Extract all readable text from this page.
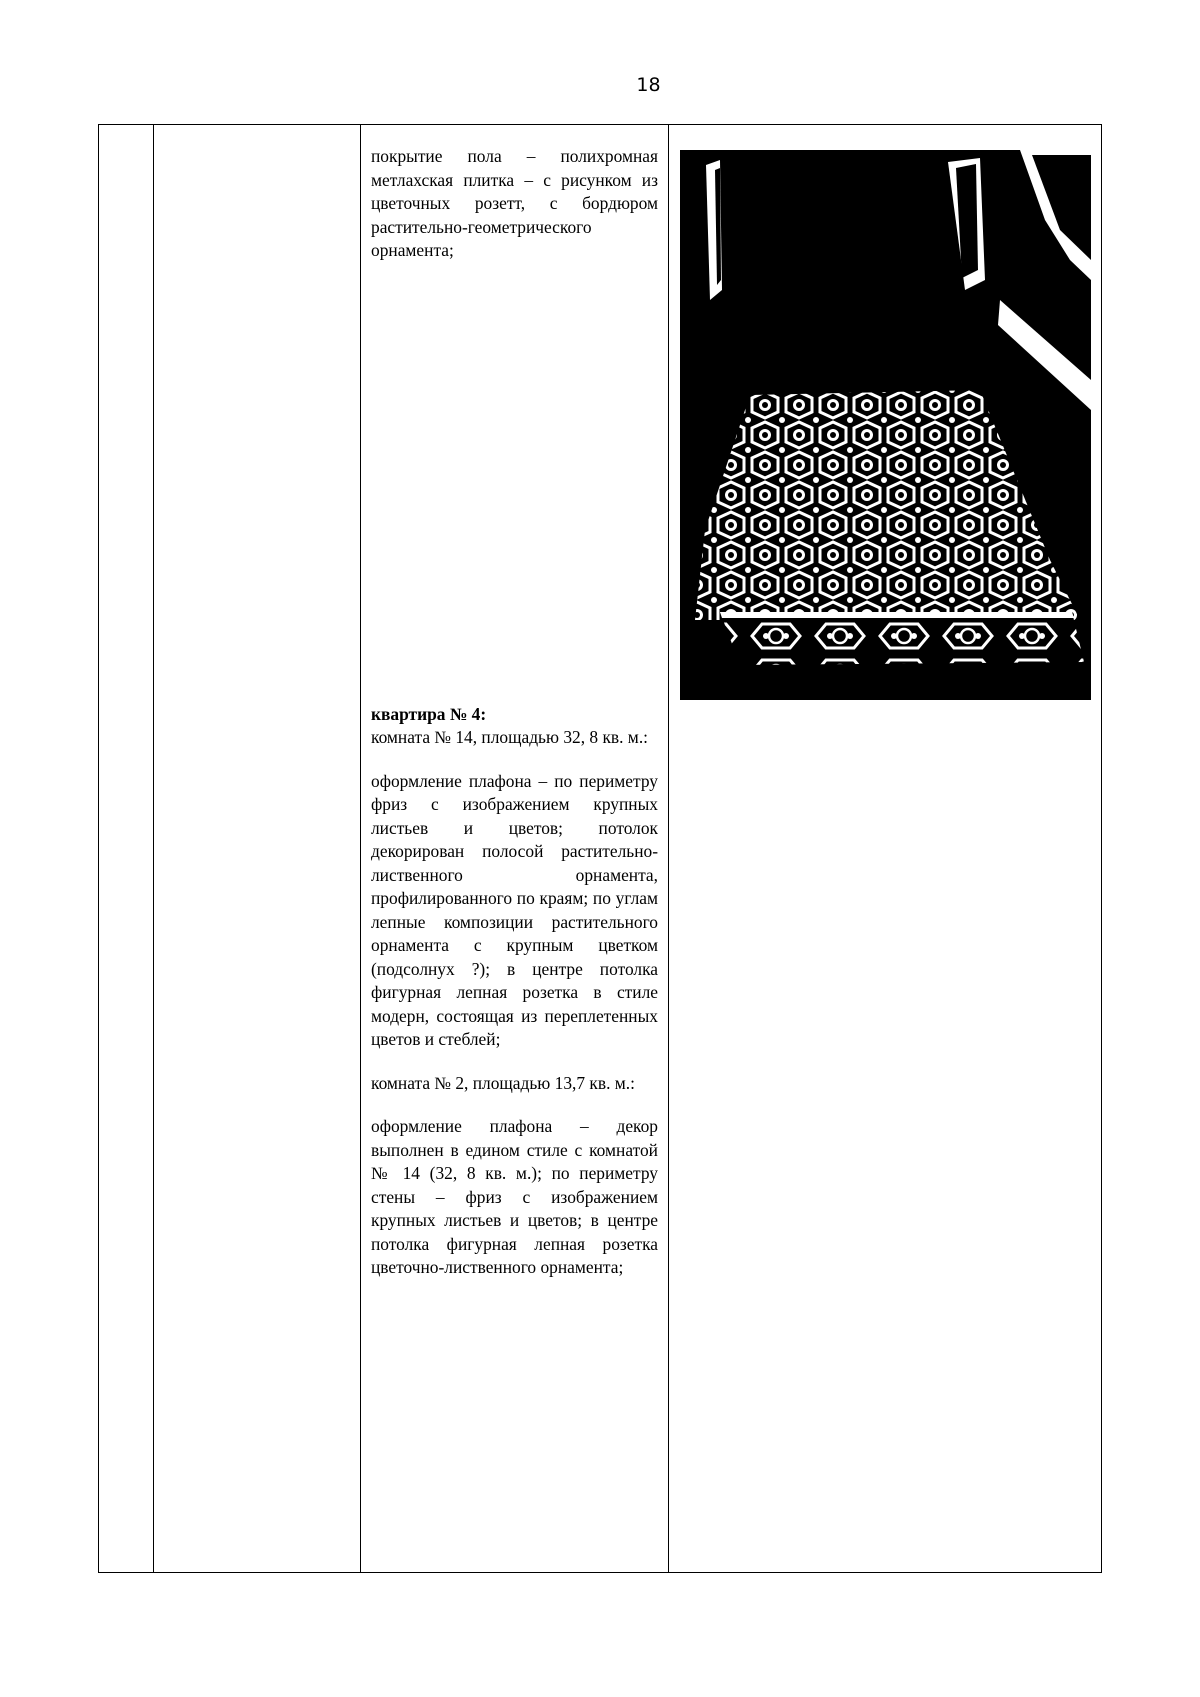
18

покрытие пола – полихромная метлахская плитка – с рисунком из цветочных розетт, с бордюром растительно-геометрического орнамента;

квартира № 4:

комната № 14, площадью 32, 8 кв. м.:

оформление плафона – по периметру фриз с изображением крупных листьев и цветов; потолок декорирован полосой растительно-лиственного орнамента, профилированного по краям; по углам лепные композиции растительного орнамента с крупным цветком (подсолнух ?); в центре потолка фигурная лепная розетка в стиле модерн, состоящая из переплетенных цветов и стеблей;

комната № 2, площадью 13,7 кв. м.:

оформление плафона – декор выполнен в едином стиле с комнатой № 14 (32, 8 кв. м.); по периметру стены – фриз с изображением крупных листьев и цветов; в центре потолка фигурная лепная розетка цветочно-лиственного орнамента;
